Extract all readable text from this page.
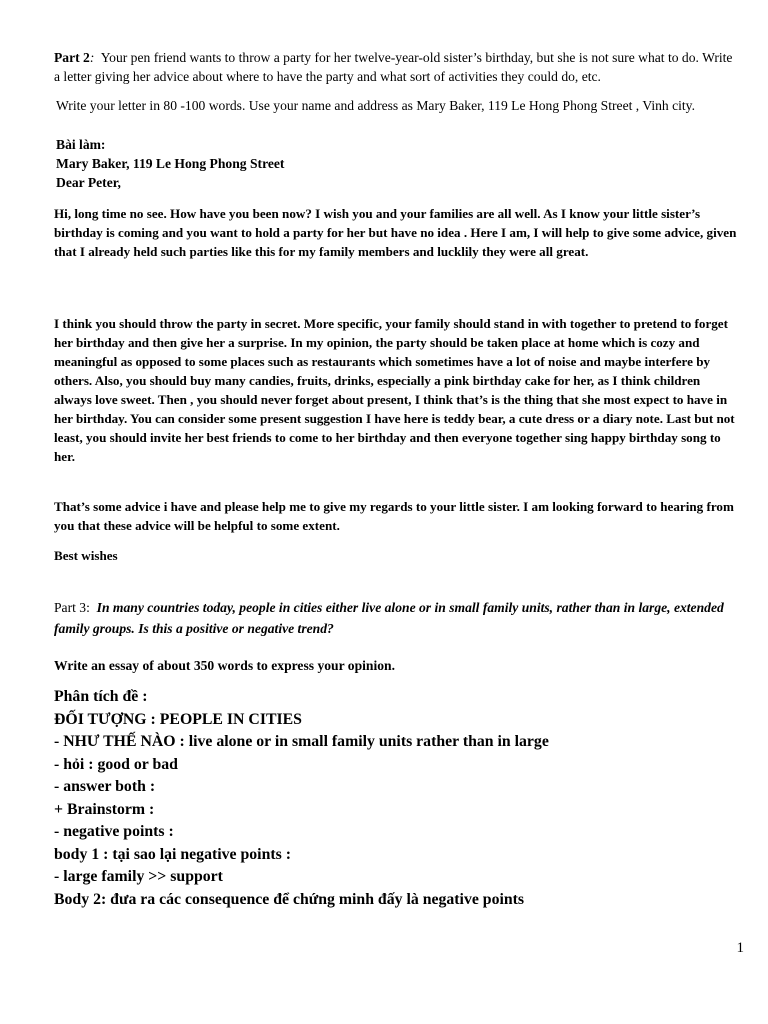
Part 2: Your pen friend wants to throw a party for her twelve-year-old sister’s birthday, but she is not sure what to do. Write a letter giving her advice about where to have the party and what sort of activities they could do, etc.
Write your letter in 80 -100 words. Use your name and address as Mary Baker, 119 Le Hong Phong Street , Vinh city.
Bài làm:
Mary Baker, 119 Le Hong Phong Street
Dear Peter,
Hi, long time no see. How have you been now? I wish you and your families are all well. As I know your little sister’s birthday is coming and you want to hold a party for her but have no idea . Here I am, I will help to give some advice, given that I already held such parties like this for my family members and lucklily they were all great.
I think you should throw the party in secret. More specific, your family should stand in with together to pretend to forget her birthday and then give her a surprise. In my opinion, the party should be taken place at home which is cozy and meaningful as opposed to some places such as restaurants which sometimes have a lot of noise and maybe interfere by others. Also, you should buy many candies, fruits, drinks, especially a pink birthday cake for her, as I think children always love sweet. Then , you should never forget about present, I think that’s is the thing that she most expect to have in her birthday. You can consider some present suggestion I have here is teddy bear, a cute dress or a diary note. Last but not least, you should invite her best friends to come to her birthday and then everyone together sing happy birthday song to her.
That’s some advice i have and please help me to give my regards to your little sister. I am looking forward to hearing from you that these advice will be helpful to some extent.
Best wishes
Part 3: In many countries today, people in cities either live alone or in small family units, rather than in large, extended family groups. Is this a positive or negative trend?
Write an essay of about 350 words to express your opinion.
Phân tích đề :
ĐỐI TƯỢNG : PEOPLE IN CITIES
- NHƯ THẾ NÀO : live alone or in small family units rather than in large
- hỏi : good or bad
- answer both :
+ Brainstorm :
- negative points :
body 1 : tại sao lại negative points :
- large family >> support
Body 2: đưa ra các consequence để chứng minh đấy là negative points
1
